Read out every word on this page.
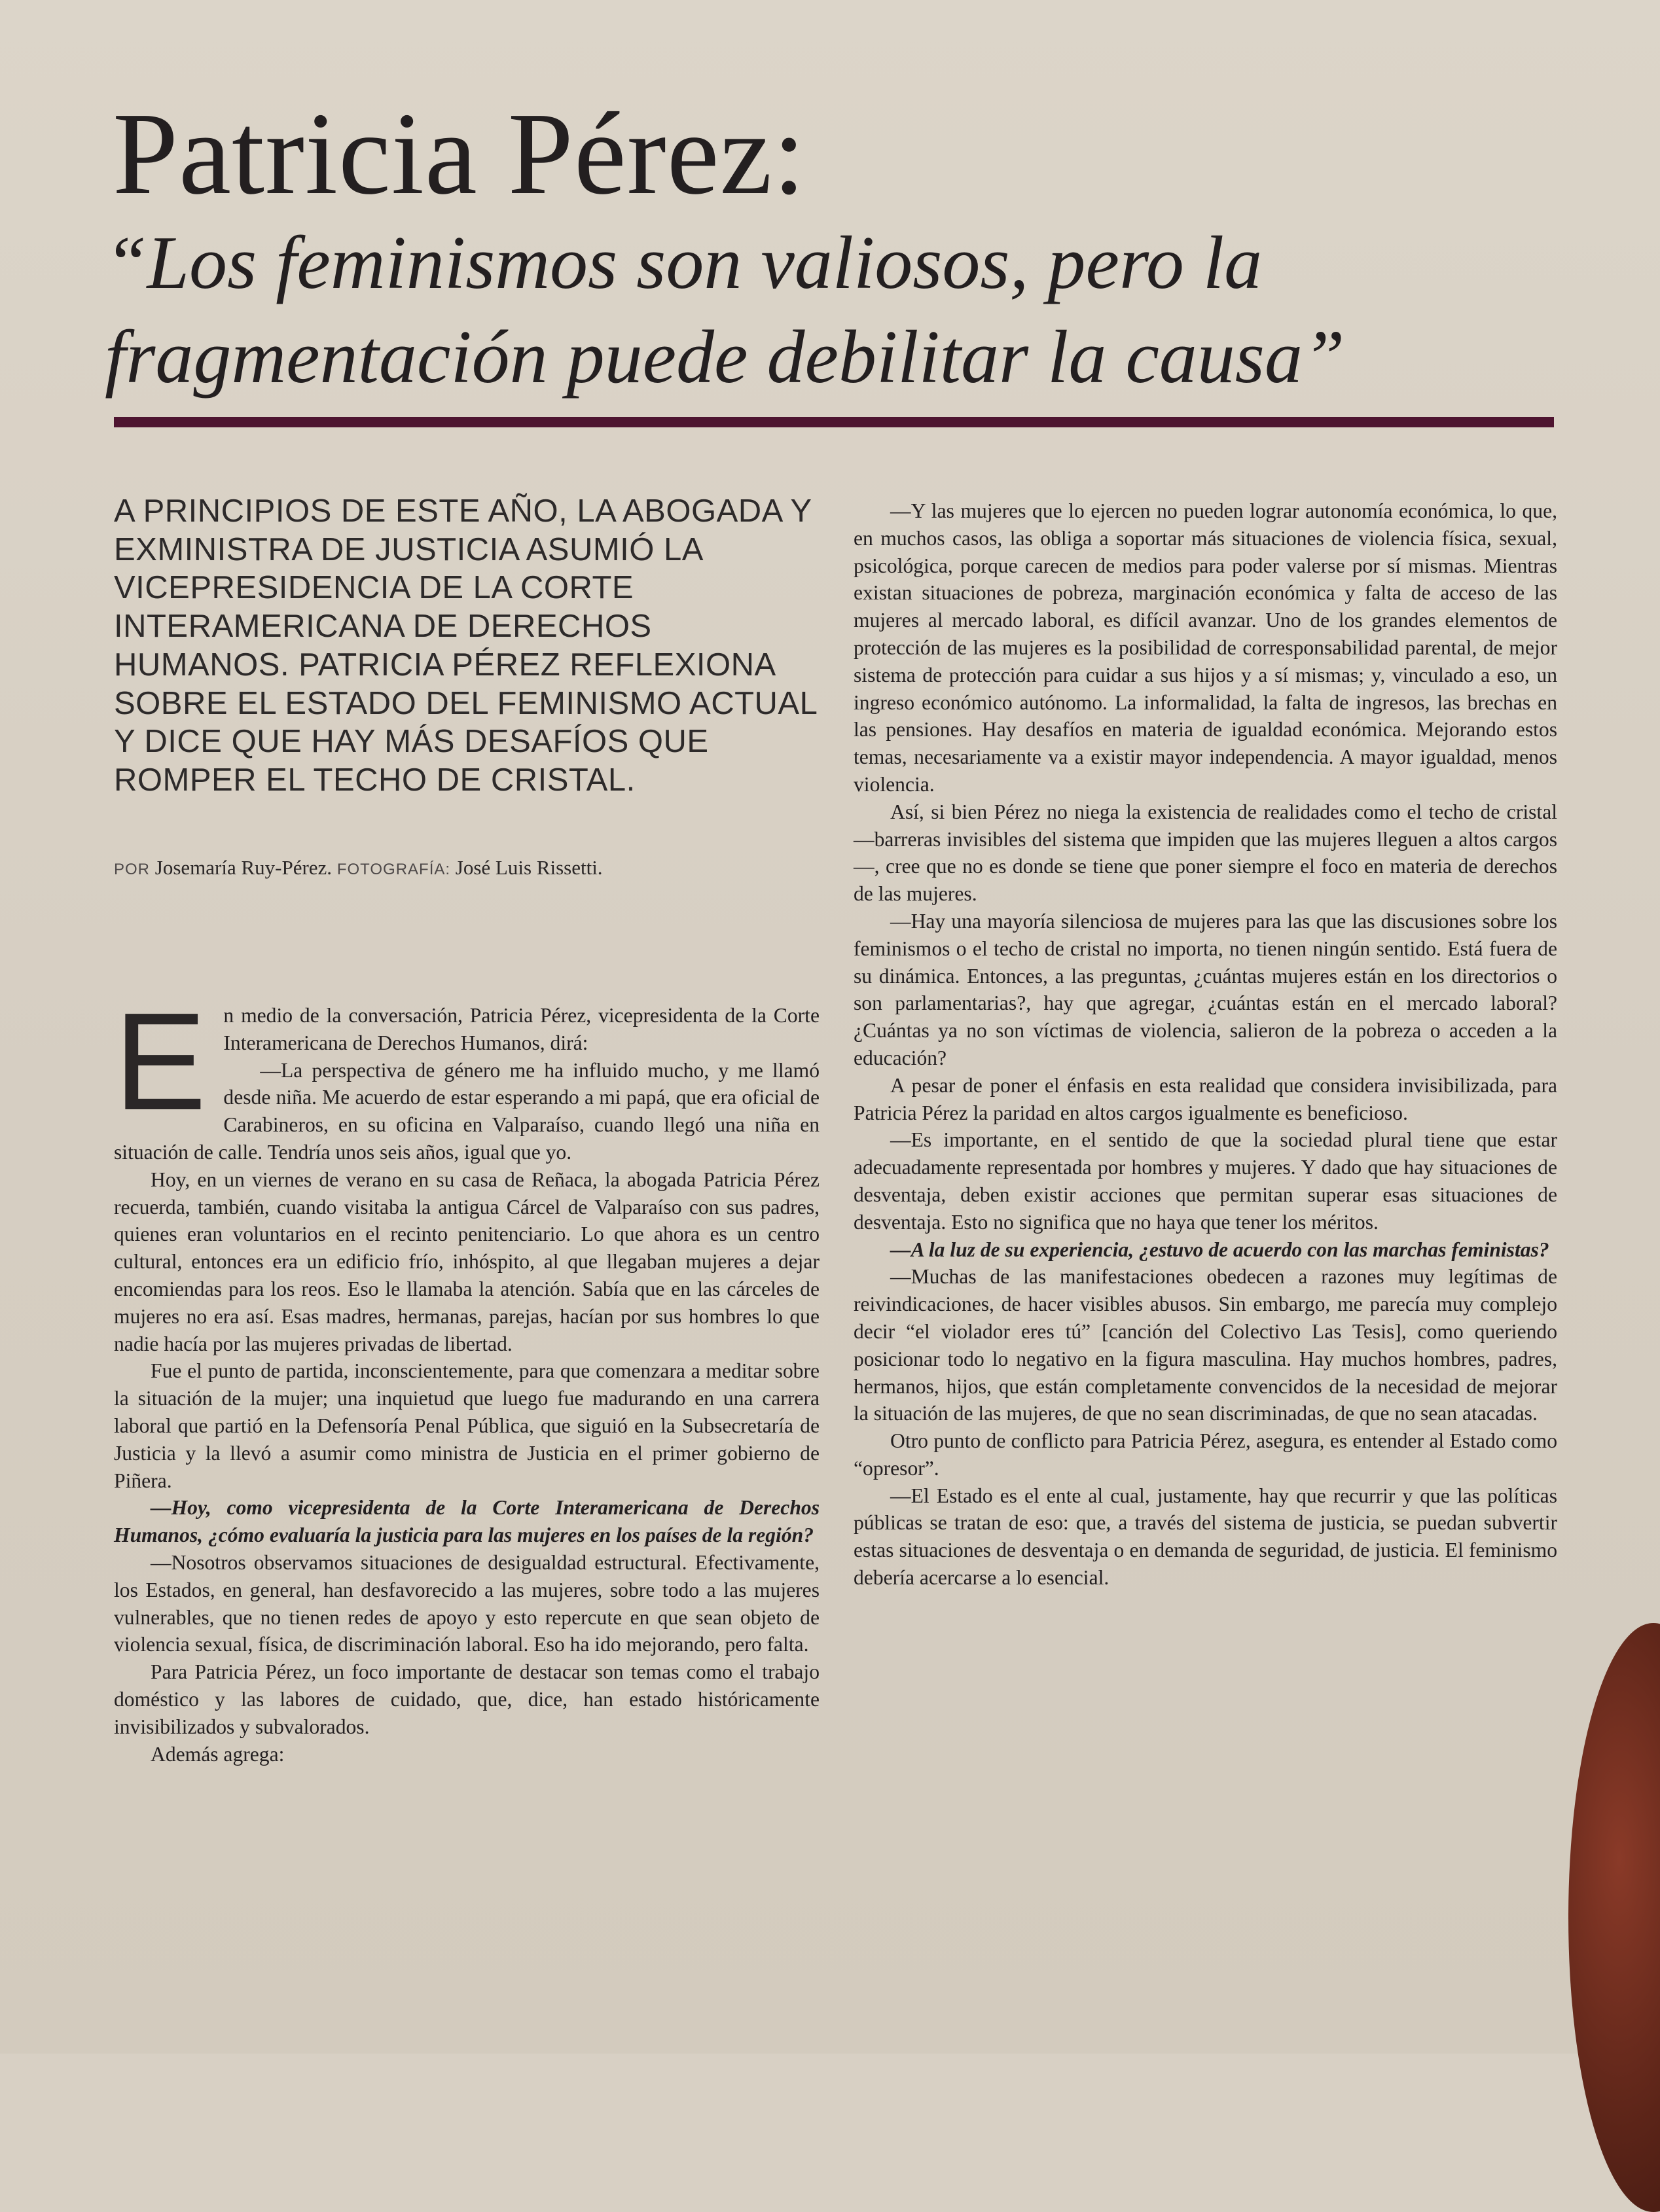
Patricia Pérez:
“Los feminismos son valiosos, pero la fragmentación puede debilitar la causa”

A PRINCIPIOS DE ESTE AÑO, LA ABOGADA Y EXMINISTRA DE JUSTICIA ASUMIÓ LA VICEPRESIDENCIA DE LA CORTE INTERAMERICANA DE DERECHOS HUMANOS. PATRICIA PÉREZ REFLEXIONA SOBRE EL ESTADO DEL FEMINISMO ACTUAL Y DICE QUE HAY MÁS DESAFÍOS QUE ROMPER EL TECHO DE CRISTAL.

POR Josemaría Ruy-Pérez. FOTOGRAFÍA: José Luis Rissetti.
E n medio de la conversación, Patricia Pérez, vicepresidenta de la Corte Interamericana de Derechos Humanos, dirá:

—La perspectiva de género me ha influido mucho, y me llamó desde niña. Me acuerdo de estar esperando a mi papá, que era oficial de Carabineros, en su oficina en Valparaíso, cuando llegó una niña en situación de calle. Tendría unos seis años, igual que yo.

Hoy, en un viernes de verano en su casa de Reñaca, la abogada Patricia Pérez recuerda, también, cuando visitaba la antigua Cárcel de Valparaíso con sus padres, quienes eran voluntarios en el recinto penitenciario. Lo que ahora es un centro cultural, entonces era un edificio frío, inhóspito, al que llegaban mujeres a dejar encomiendas para los reos. Eso le llamaba la atención. Sabía que en las cárceles de mujeres no era así. Esas madres, hermanas, parejas, hacían por sus hombres lo que nadie hacía por las mujeres privadas de libertad.

Fue el punto de partida, inconscientemente, para que comenzara a meditar sobre la situación de la mujer; una inquietud que luego fue madurando en una carrera laboral que partió en la Defensoría Penal Pública, que siguió en la Subsecretaría de Justicia y la llevó a asumir como ministra de Justicia en el primer gobierno de Piñera.

—Hoy, como vicepresidenta de la Corte Interamericana de Derechos Humanos, ¿cómo evaluaría la justicia para las mujeres en los países de la región?

—Nosotros observamos situaciones de desigualdad estructural. Efectivamente, los Estados, en general, han desfavorecido a las mujeres, sobre todo a las mujeres vulnerables, que no tienen redes de apoyo y esto repercute en que sean objeto de violencia sexual, física, de discriminación laboral. Eso ha ido mejorando, pero falta.

Para Patricia Pérez, un foco importante de destacar son temas como el trabajo doméstico y las labores de cuidado, que, dice, han estado históricamente invisibilizados y subvalorados.

Además agrega:

—Y las mujeres que lo ejercen no pueden lograr autonomía económica, lo que, en muchos casos, las obliga a soportar más situaciones de violencia física, sexual, psicológica, porque carecen de medios para poder valerse por sí mismas. Mientras existan situaciones de pobreza, marginación económica y falta de acceso de las mujeres al mercado laboral, es difícil avanzar. Uno de los grandes elementos de protección de las mujeres es la posibilidad de corresponsabilidad parental, de mejor sistema de protección para cuidar a sus hijos y a sí mismas; y, vinculado a eso, un ingreso económico autónomo. La informalidad, la falta de ingresos, las brechas en las pensiones. Hay desafíos en materia de igualdad económica. Mejorando estos temas, necesariamente va a existir mayor independencia. A mayor igualdad, menos violencia.

Así, si bien Pérez no niega la existencia de realidades como el techo de cristal —barreras invisibles del sistema que impiden que las mujeres lleguen a altos cargos—, cree que no es donde se tiene que poner siempre el foco en materia de derechos de las mujeres.

—Hay una mayoría silenciosa de mujeres para las que las discusiones sobre los feminismos o el techo de cristal no importa, no tienen ningún sentido. Está fuera de su dinámica. Entonces, a las preguntas, ¿cuántas mujeres están en los directorios o son parlamentarias?, hay que agregar, ¿cuántas están en el mercado laboral? ¿Cuántas ya no son víctimas de violencia, salieron de la pobreza o acceden a la educación?

A pesar de poner el énfasis en esta realidad que considera invisibilizada, para Patricia Pérez la paridad en altos cargos igualmente es beneficioso.

—Es importante, en el sentido de que la sociedad plural tiene que estar adecuadamente representada por hombres y mujeres. Y dado que hay situaciones de desventaja, deben existir acciones que permitan superar esas situaciones de desventaja. Esto no significa que no haya que tener los méritos.

—A la luz de su experiencia, ¿estuvo de acuerdo con las marchas feministas?

—Muchas de las manifestaciones obedecen a razones muy legítimas de reivindicaciones, de hacer visibles abusos. Sin embargo, me parecía muy complejo decir “el violador eres tú” [canción del Colectivo Las Tesis], como queriendo posicionar todo lo negativo en la figura masculina. Hay muchos hombres, padres, hermanos, hijos, que están completamente convencidos de la necesidad de mejorar la situación de las mujeres, de que no sean discriminadas, de que no sean atacadas.

Otro punto de conflicto para Patricia Pérez, asegura, es entender al Estado como “opresor”.

—El Estado es el ente al cual, justamente, hay que recurrir y que las políticas públicas se tratan de eso: que, a través del sistema de justicia, se puedan subvertir estas situaciones de desventaja o en demanda de seguridad, de justicia. El feminismo debería acercarse a lo esencial.
